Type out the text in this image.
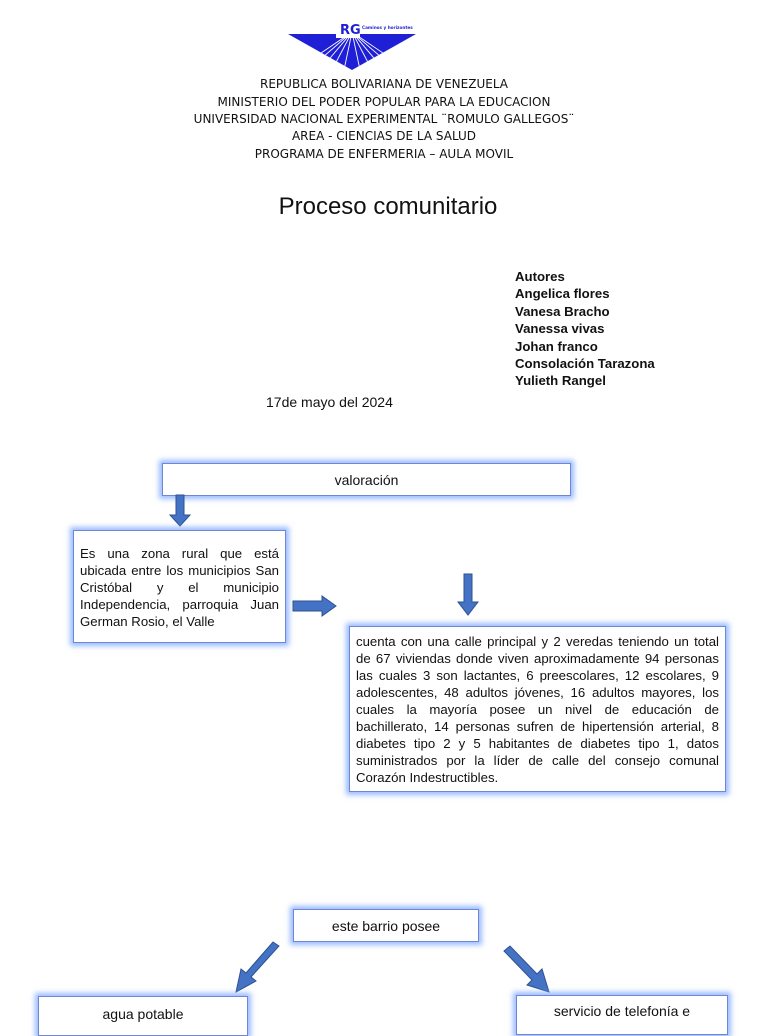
RG Caminos y horizontes
REPUBLICA BOLIVARIANA DE VENEZUELA
MINISTERIO DEL PODER POPULAR PARA LA EDUCACION
UNIVERSIDAD NACIONAL EXPERIMENTAL ¨ROMULO GALLEGOS¨
AREA - CIENCIAS DE LA SALUD
PROGRAMA DE ENFERMERIA – AULA MOVIL
Proceso comunitario
Autores
Angelica flores
Vanesa Bracho
Vanessa vivas
Johan franco
Consolación Tarazona
Yulieth Rangel
17de mayo del 2024
valoración
Es una zona rural que está ubicada entre los municipios San Cristóbal y el municipio Independencia, parroquia Juan German Rosio, el Valle
cuenta con una calle principal y 2 veredas teniendo un total de 67 viviendas donde viven aproximadamente 94 personas las cuales 3 son lactantes, 6 preescolares, 12 escolares, 9 adolescentes, 48 adultos jóvenes, 16 adultos mayores, los cuales la mayoría posee un nivel de educación de bachillerato, 14 personas sufren de hipertensión arterial, 8 diabetes tipo 2 y 5 habitantes de diabetes tipo 1, datos suministrados por la líder de calle del consejo comunal Corazón Indestructibles.
este barrio posee
agua potable	servicio de telefonía e
